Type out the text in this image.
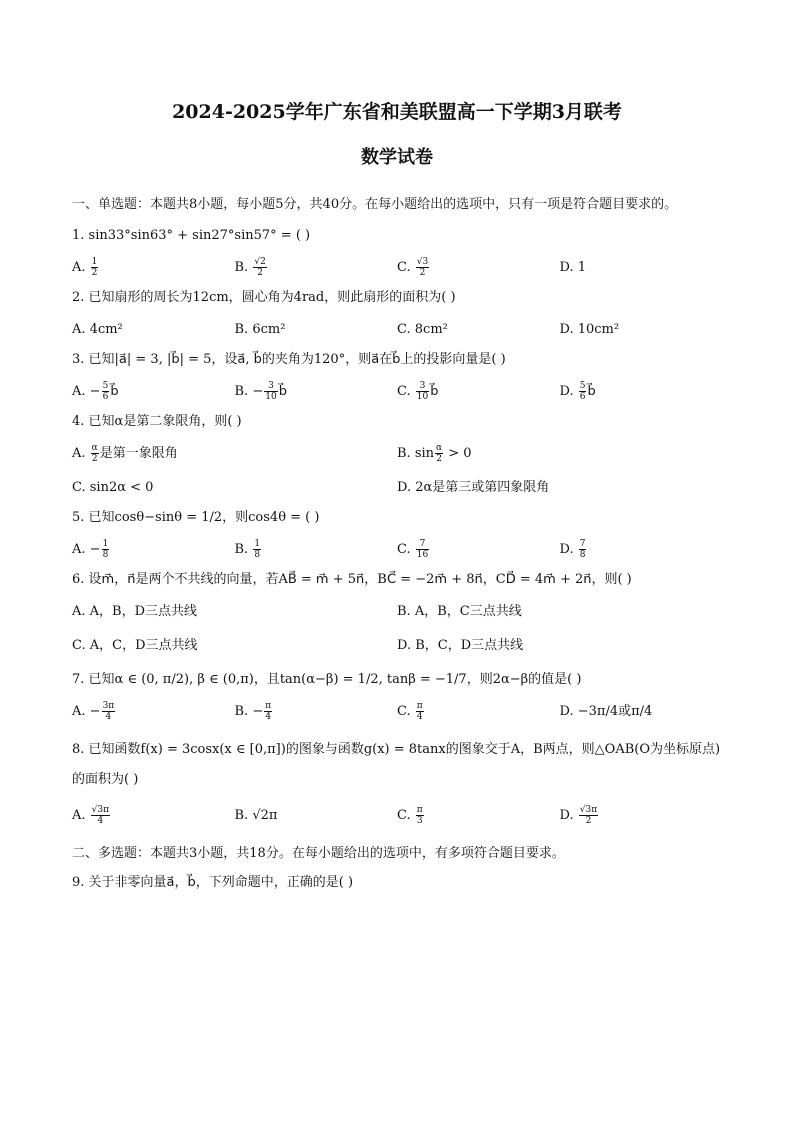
2024-2025学年广东省和美联盟高一下学期3月联考
数学试卷
一、单选题：本题共8小题，每小题5分，共40分。在每小题给出的选项中，只有一项是符合题目要求的。
1. sin33°sin63° + sin27°sin57° = ( )
A. $\frac{1}{2}$	B. $\frac{√2}{2}$	C. $\frac{√3}{2}$	D. 1
2. 已知扇形的周长为12cm，圆心角为4rad，则此扇形的面积为( )
A. 4cm²	B. 6cm²	C. 8cm²	D. 10cm²
3. 已知|a⃗| = 3, |b⃗| = 5，设a⃗, b⃗的夹角为120°，则a⃗在b⃗上的投影向量是( )
A. − $\frac{5}{6}$ b⃗	B. − $\frac{3}{10}$ b⃗	C. $\frac{3}{10}$ b⃗	D. $\frac{5}{6}$ b⃗
4. 已知α是第二象限角，则( )
A. $\frac{\alpha}{2}$ 是第一象限角	B. $\sin \frac{\alpha}{2} > 0$
C. sin2α < 0	D. 2α是第三或第四象限角
5. 已知cosθ−sinθ = 1/2，则cos4θ = ( )
A. − $\frac{1}{8}$	B. $\frac{1}{8}$	C. $\frac{7}{16}$	D. $\frac{7}{8}$
6. 设m⃗，n⃗是两个不共线的向量，若AB⃗ = m⃗ + 5n⃗，BC⃗ = −2m⃗ + 8n⃗，CD⃗ = 4m⃗ + 2n⃗，则( )
A. A，B，D三点共线	B. A，B，C三点共线
C. A，C，D三点共线	D. B，C，D三点共线
7. 已知α ∈ (0, π/2), β ∈ (0,π)，且tan(α−β) = 1/2, tanβ = −1/7，则2α−β的值是( )
A. − $\frac{3\pi}{4}$	B. − $\frac{\pi}{4}$	C. $\frac{\pi}{4}$	D. −3π/4或π/4
8. 已知函数f(x) = 3cosx(x ∈ [0,π])的图象与函数g(x) = 8tanx的图象交于A，B两点，则△OAB(O为坐标原点)的面积为( )
A. $\frac{√3\pi}{4}$	B. √2π	C. $\frac{\pi}{3}$	D. $\frac{√3\pi}{2}$
二、多选题：本题共3小题，共18分。在每小题给出的选项中，有多项符合题目要求。
9. 关于非零向量a⃗，b⃗，下列命题中，正确的是( )
